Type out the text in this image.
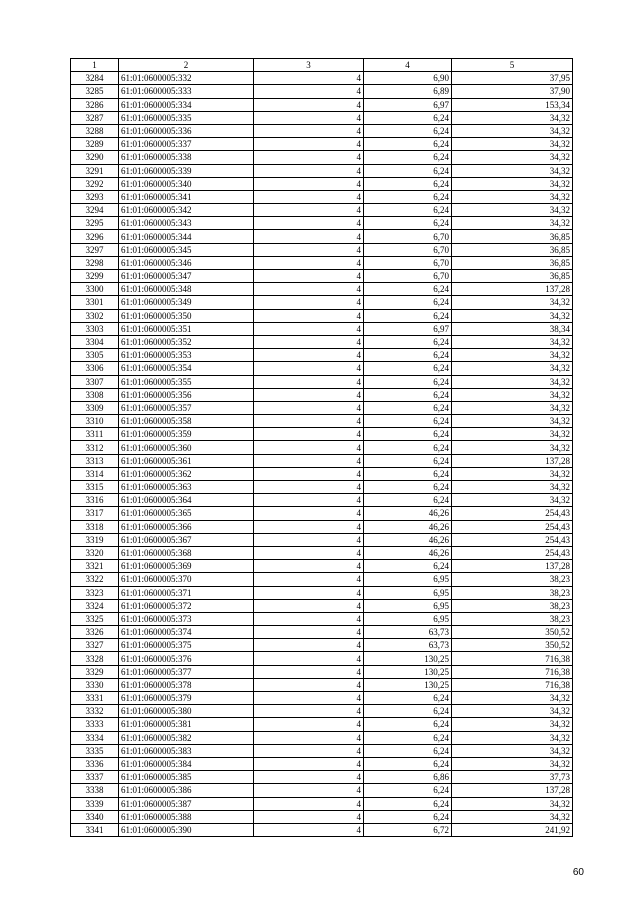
1	2	3	4	5
3284	61:01:0600005:332	4	6,90	37,95
3285	61:01:0600005:333	4	6,89	37,90
3286	61:01:0600005:334	4	6,97	153,34
3287	61:01:0600005:335	4	6,24	34,32
3288	61:01:0600005:336	4	6,24	34,32
3289	61:01:0600005:337	4	6,24	34,32
3290	61:01:0600005:338	4	6,24	34,32
3291	61:01:0600005:339	4	6,24	34,32
3292	61:01:0600005:340	4	6,24	34,32
3293	61:01:0600005:341	4	6,24	34,32
3294	61:01:0600005:342	4	6,24	34,32
3295	61:01:0600005:343	4	6,24	34,32
3296	61:01:0600005:344	4	6,70	36,85
3297	61:01:0600005:345	4	6,70	36,85
3298	61:01:0600005:346	4	6,70	36,85
3299	61:01:0600005:347	4	6,70	36,85
3300	61:01:0600005:348	4	6,24	137,28
3301	61:01:0600005:349	4	6,24	34,32
3302	61:01:0600005:350	4	6,24	34,32
3303	61:01:0600005:351	4	6,97	38,34
3304	61:01:0600005:352	4	6,24	34,32
3305	61:01:0600005:353	4	6,24	34,32
3306	61:01:0600005:354	4	6,24	34,32
3307	61:01:0600005:355	4	6,24	34,32
3308	61:01:0600005:356	4	6,24	34,32
3309	61:01:0600005:357	4	6,24	34,32
3310	61:01:0600005:358	4	6,24	34,32
3311	61:01:0600005:359	4	6,24	34,32
3312	61:01:0600005:360	4	6,24	34,32
3313	61:01:0600005:361	4	6,24	137,28
3314	61:01:0600005:362	4	6,24	34,32
3315	61:01:0600005:363	4	6,24	34,32
3316	61:01:0600005:364	4	6,24	34,32
3317	61:01:0600005:365	4	46,26	254,43
3318	61:01:0600005:366	4	46,26	254,43
3319	61:01:0600005:367	4	46,26	254,43
3320	61:01:0600005:368	4	46,26	254,43
3321	61:01:0600005:369	4	6,24	137,28
3322	61:01:0600005:370	4	6,95	38,23
3323	61:01:0600005:371	4	6,95	38,23
3324	61:01:0600005:372	4	6,95	38,23
3325	61:01:0600005:373	4	6,95	38,23
3326	61:01:0600005:374	4	63,73	350,52
3327	61:01:0600005:375	4	63,73	350,52
3328	61:01:0600005:376	4	130,25	716,38
3329	61:01:0600005:377	4	130,25	716,38
3330	61:01:0600005:378	4	130,25	716,38
3331	61:01:0600005:379	4	6,24	34,32
3332	61:01:0600005:380	4	6,24	34,32
3333	61:01:0600005:381	4	6,24	34,32
3334	61:01:0600005:382	4	6,24	34,32
3335	61:01:0600005:383	4	6,24	34,32
3336	61:01:0600005:384	4	6,24	34,32
3337	61:01:0600005:385	4	6,86	37,73
3338	61:01:0600005:386	4	6,24	137,28
3339	61:01:0600005:387	4	6,24	34,32
3340	61:01:0600005:388	4	6,24	34,32
3341	61:01:0600005:390	4	6,72	241,92
60
